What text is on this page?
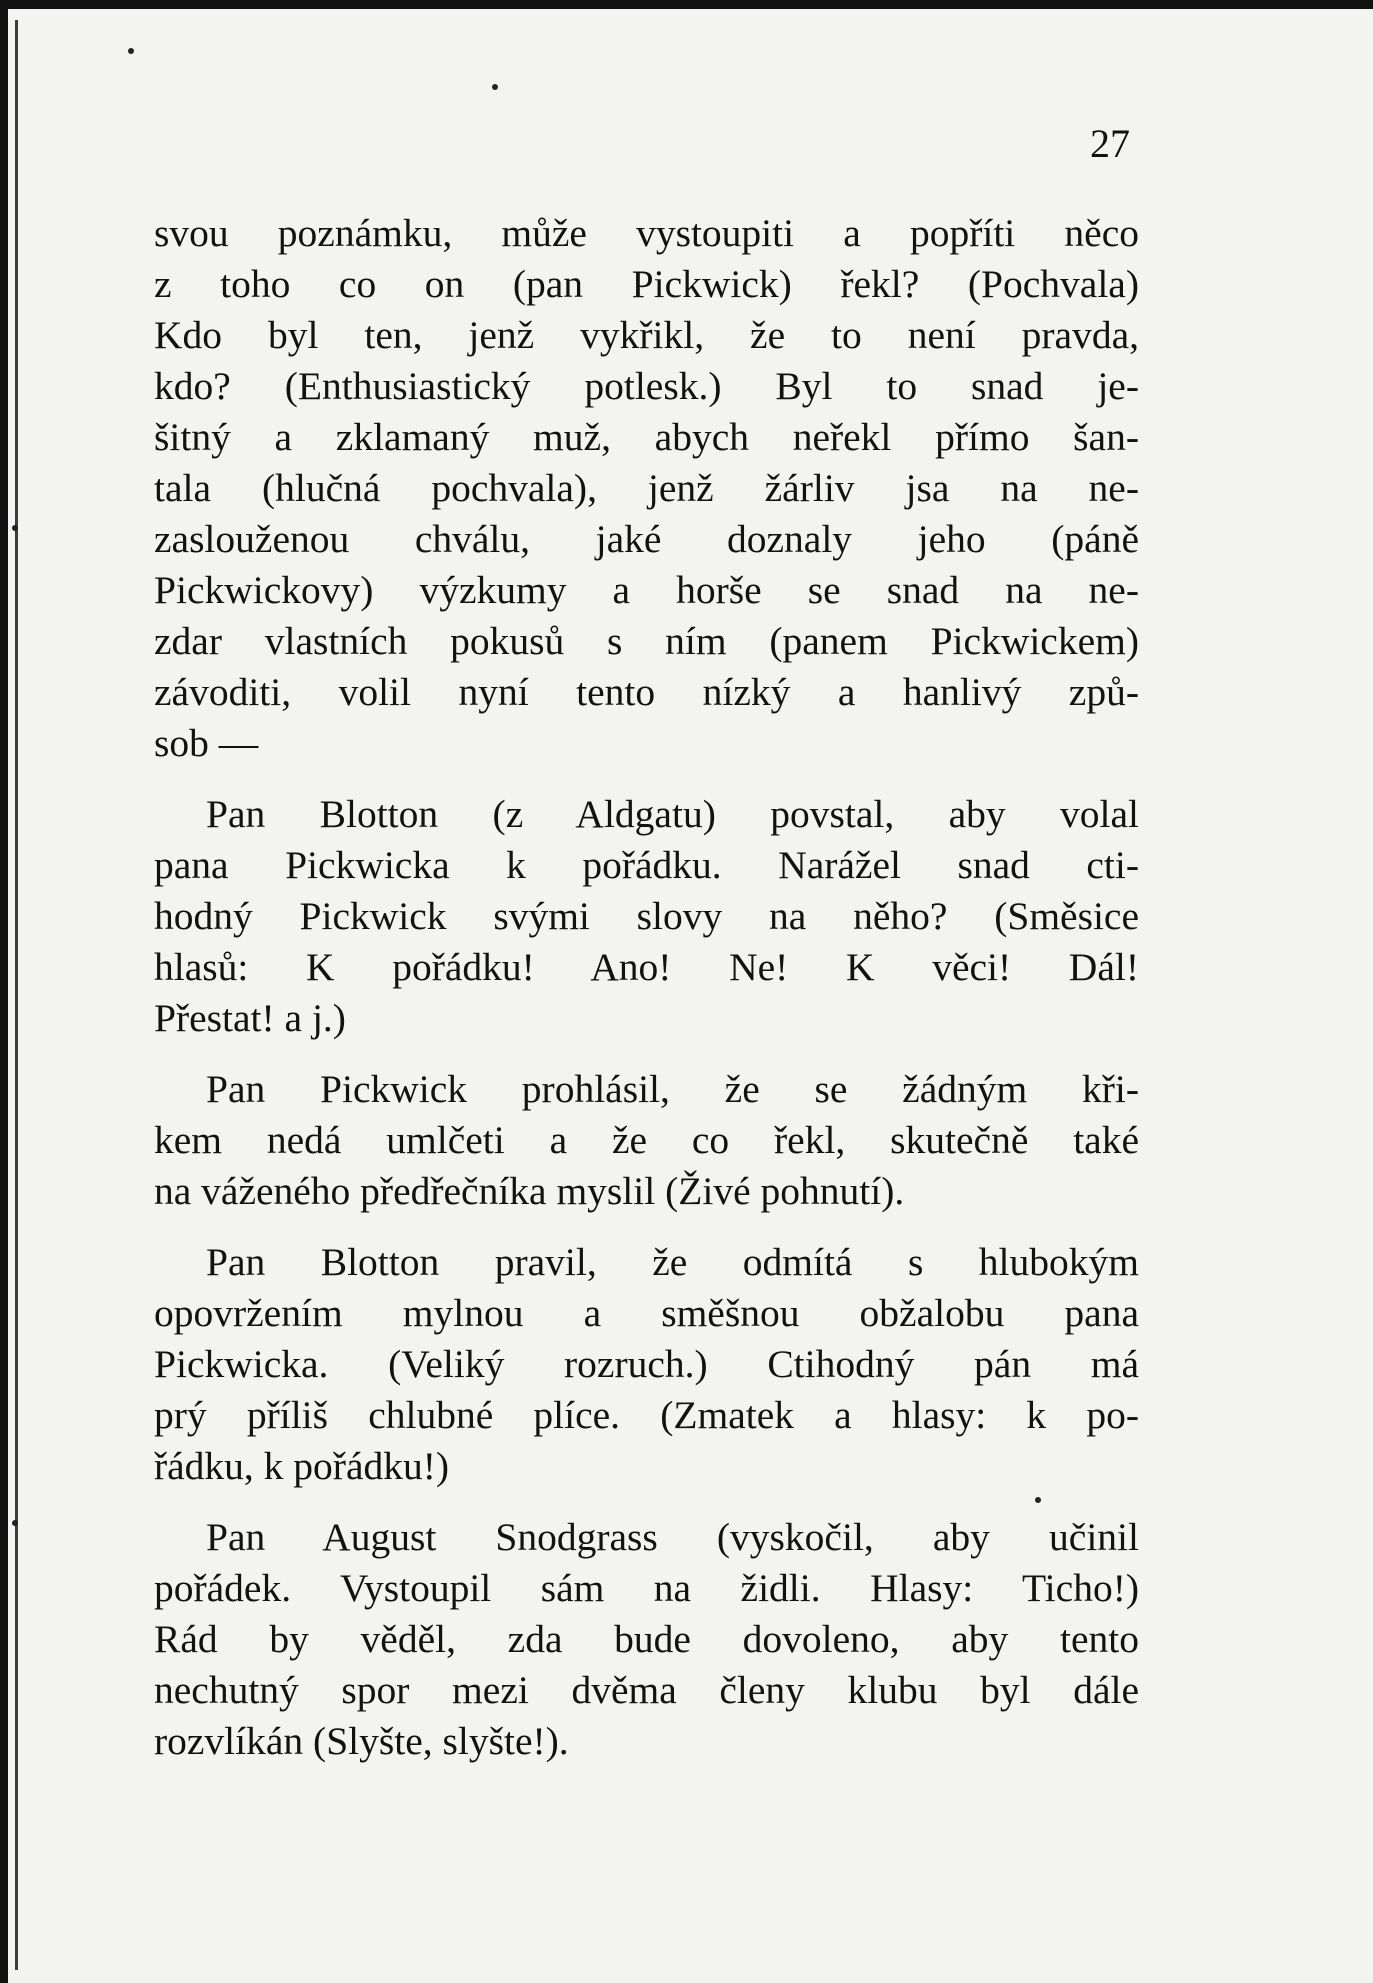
27

svou poznámku, může vystoupiti a popříti něco
z toho co on (pan Pickwick) řekl? (Pochvala)
Kdo byl ten, jenž vykřikl, že to není pravda,
kdo? (Enthusiastický potlesk.) Byl to snad je-
šitný a zklamaný muž, abych neřekl přímo šan-
tala (hlučná pochvala), jenž žárliv jsa na ne-
zaslouženou chválu, jaké doznaly jeho (páně
Pickwickovy) výzkumy a horše se snad na ne-
zdar vlastních pokusů s ním (panem Pickwickem)
závoditi, volil nyní tento nízký a hanlivý způ-
sob —

Pan Blotton (z Aldgatu) povstal, aby volal
pana Pickwicka k pořádku. Narážel snad cti-
hodný Pickwick svými slovy na něho? (Směsice
hlasů: K pořádku! Ano! Ne! K věci! Dál!
Přestat! a j.)

Pan Pickwick prohlásil, že se žádným kři-
kem nedá umlčeti a že co řekl, skutečně také
na váženého předřečníka myslil (Živé pohnutí).

Pan Blotton pravil, že odmítá s hlubokým
opovržením mylnou a směšnou obžalobu pana
Pickwicka. (Veliký rozruch.) Ctihodný pán má
prý příliš chlubné plíce. (Zmatek a hlasy: k po-
řádku, k pořádku!)

Pan August Snodgrass (vyskočil, aby učinil
pořádek. Vystoupil sám na židli. Hlasy: Ticho!)
Rád by věděl, zda bude dovoleno, aby tento
nechutný spor mezi dvěma členy klubu byl dále
rozvlíkán (Slyšte, slyšte!).
